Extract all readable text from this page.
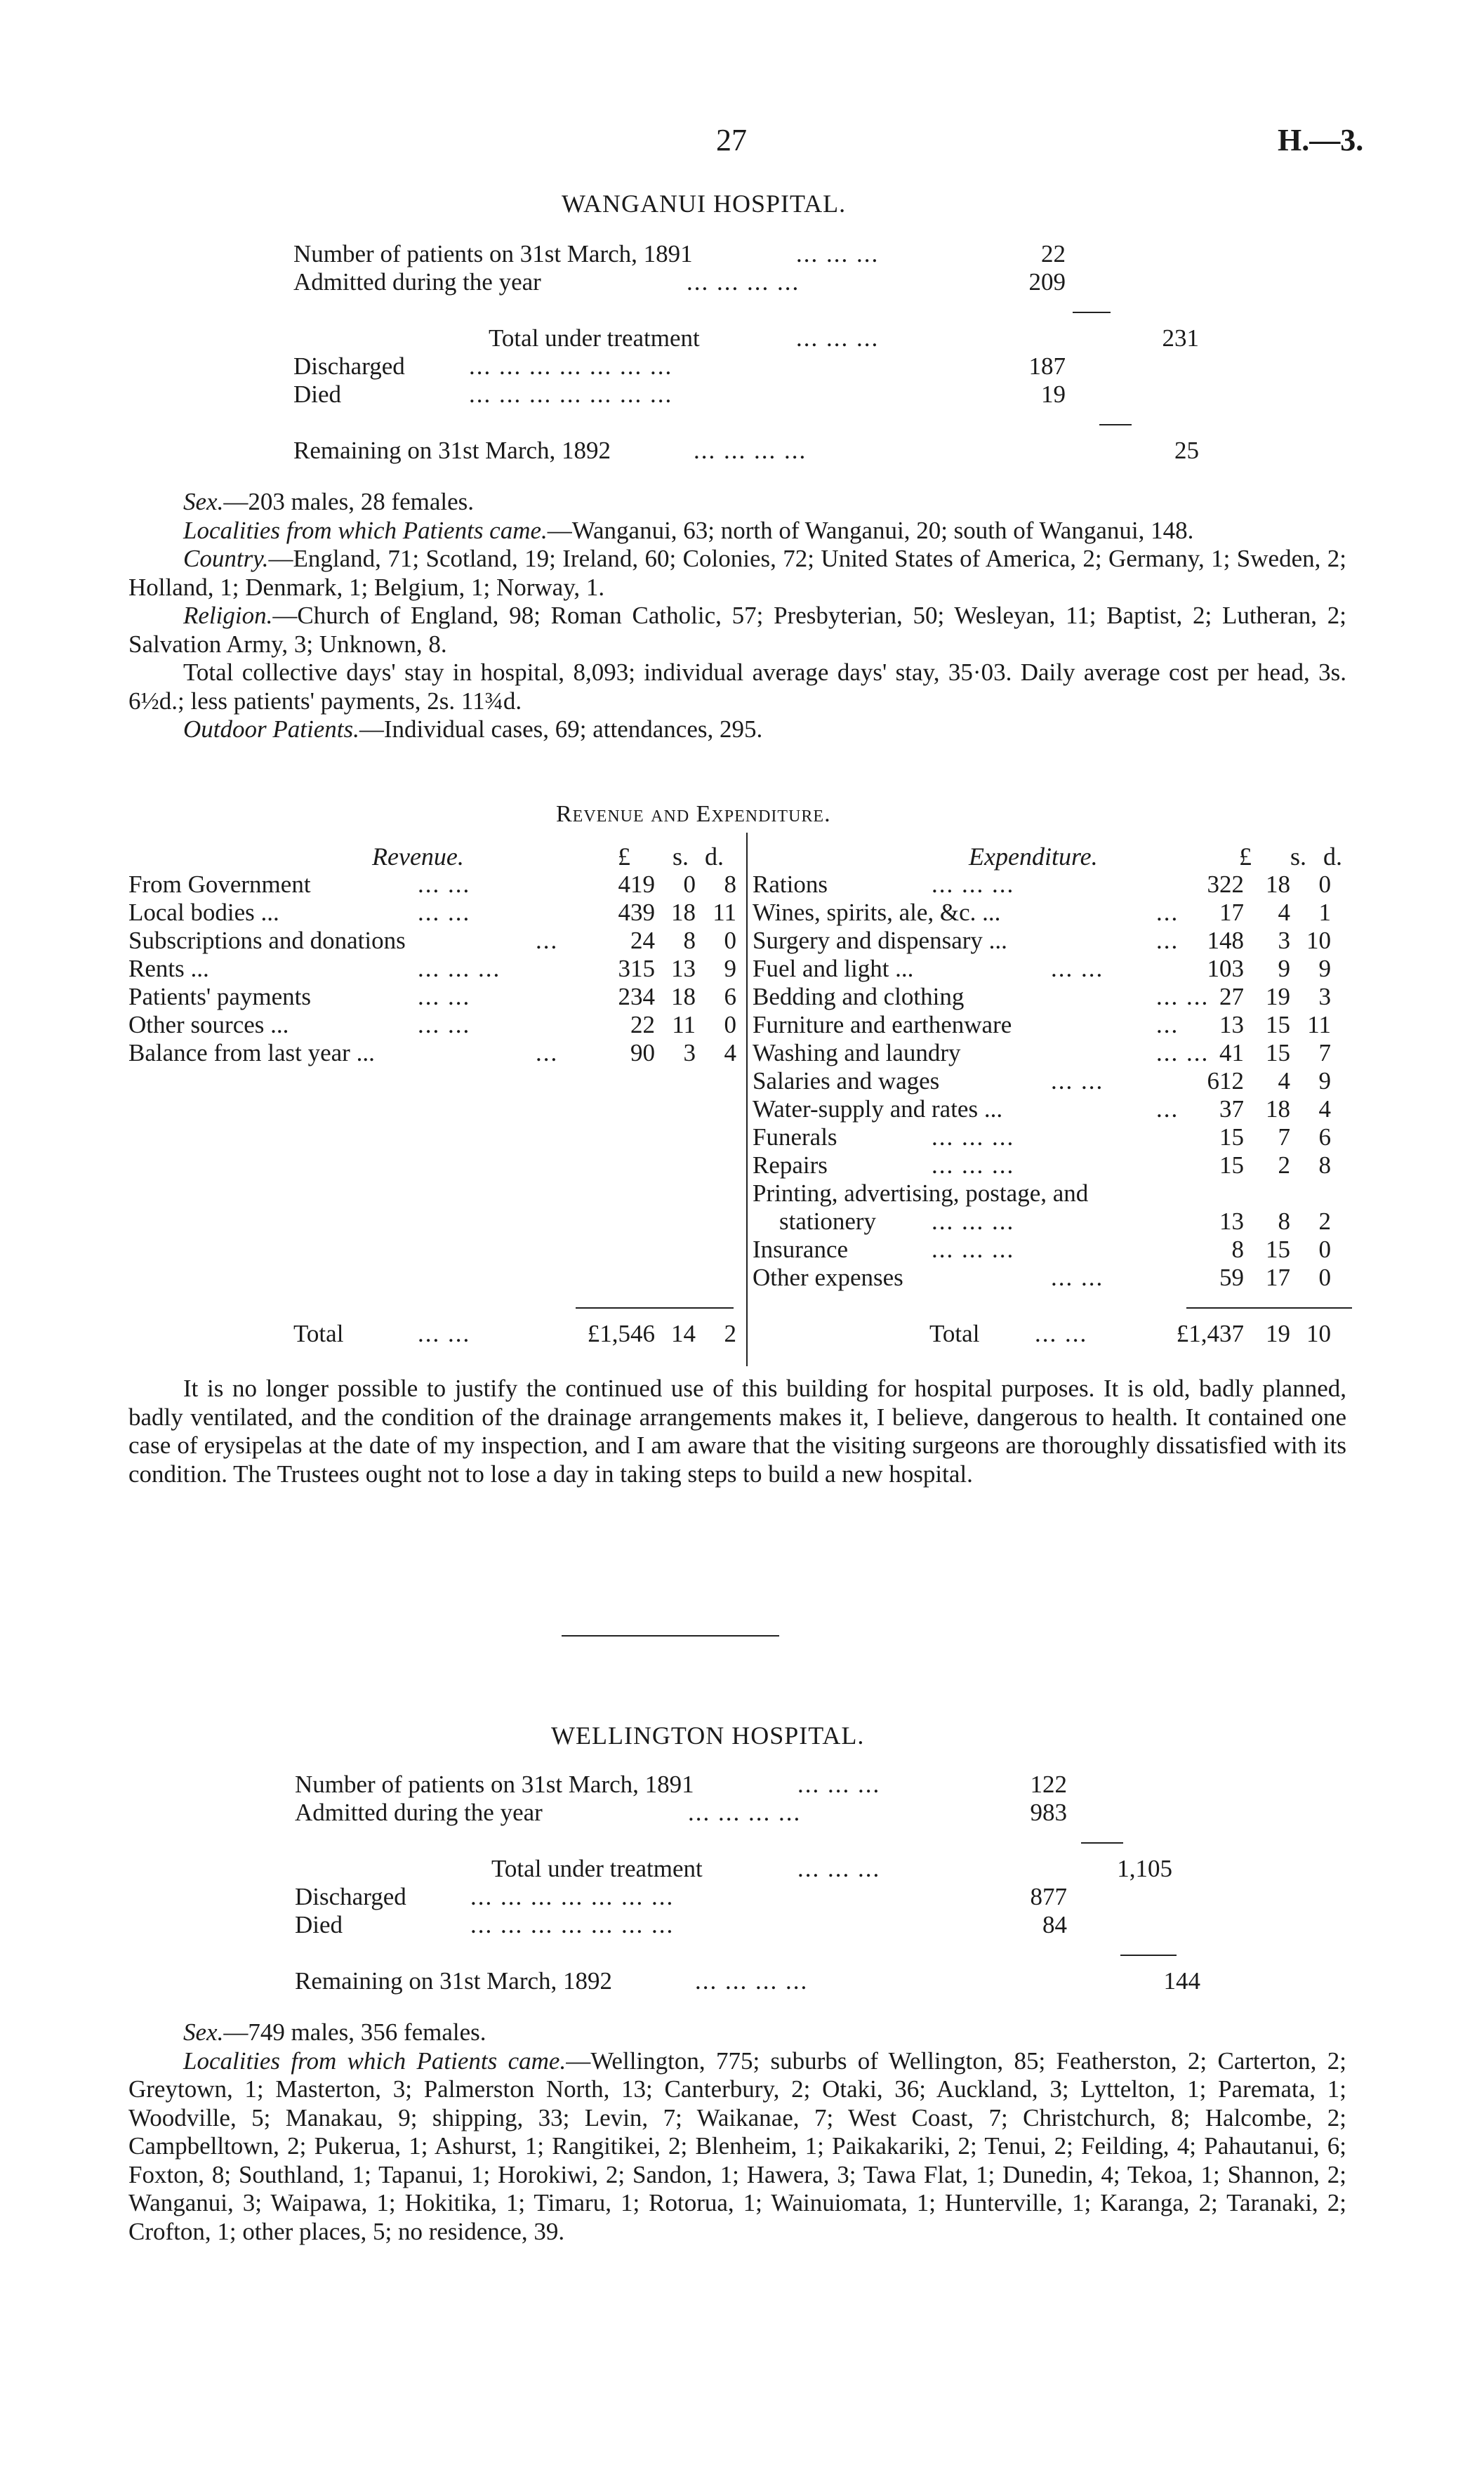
27	H.—3.
WANGANUI HOSPITAL.
Number of patients on 31st March, 1891	... ... ...	22
Admitted during the year	... ... ... ...	209
Total under treatment	... ... ...	231
Discharged	... ... ... ... ... ... ...	187
Died	... ... ... ... ... ... ...	19
Remaining on 31st March, 1892	... ... ... ...	25

Sex.—203 males, 28 females.

Localities from which Patients came.—Wanganui, 63; north of Wanganui, 20; south of Wanganui, 148.

Country.—England, 71; Scotland, 19; Ireland, 60; Colonies, 72; United States of America, 2; Germany, 1; Sweden, 2; Holland, 1; Denmark, 1; Belgium, 1; Norway, 1.

Religion.—Church of England, 98; Roman Catholic, 57; Presbyterian, 50; Wesleyan, 11; Baptist, 2; Lutheran, 2; Salvation Army, 3; Unknown, 8.

Total collective days' stay in hospital, 8,093; individual average days' stay, 35·03. Daily average cost per head, 3s. 6½d.; less patients' payments, 2s. 11¾d.

Outdoor Patients.—Individual cases, 69; attendances, 295.

Revenue and Expenditure.
Revenue.	£ s. d.
From Government	... ...	419	0	8
Local bodies ...	... ...	439 18 11
Subscriptions and donations	...	24	8	0
Rents ...	... ... ...	315 13	9
Patients' payments	... ...	234 18	6
Other sources ...	... ...	22 11	0
Balance from last year ...	...	90	3	4
Total	... ...	£1,546 14	2
Expenditure.	£ s. d.
Rations	... ... ...	322 18	0
Wines, spirits, ale, &c. ...	...	17	4	1
Surgery and dispensary ...	...	148	3 10
Fuel and light ...	... ...	103	9	9
Bedding and clothing	... ... 27 19	3
Furniture and earthenware	...	13 15 11
Washing and laundry	... ... 41 15	7
Salaries and wages	... ...	612	4	9
Water-supply and rates ...	...	37 18	4
Funerals	... ... ...	15	7	6
Repairs	... ... ...	15	2	8
Printing, advertising, postage, and
stationery ... ... ...	13	8	2
Insurance	... ... ...	8 15	0
Other expenses	... ...	59 17	0
Total ... ...	£1,437 19 10

It is no longer possible to justify the continued use of this building for hospital purposes. It is old, badly planned, badly ventilated, and the condition of the drainage arrangements makes it, I believe, dangerous to health. It contained one case of erysipelas at the date of my inspection, and I am aware that the visiting surgeons are thoroughly dissatisfied with its condition. The Trustees ought not to lose a day in taking steps to build a new hospital.

WELLINGTON HOSPITAL.
Number of patients on 31st March, 1891	... ... ...	122
Admitted during the year	... ... ... ...	983
Total under treatment	... ... ...	1,105
Discharged	... ... ... ... ... ... ...	877
Died	... ... ... ... ... ... ...	84
Remaining on 31st March, 1892	... ... ... ...	144

Sex.—749 males, 356 females.

Localities from which Patients came.—Wellington, 775; suburbs of Wellington, 85; Featherston, 2; Carterton, 2; Greytown, 1; Masterton, 3; Palmerston North, 13; Canterbury, 2; Otaki, 36; Auckland, 3; Lyttelton, 1; Paremata, 1; Woodville, 5; Manakau, 9; shipping, 33; Levin, 7; Waikanae, 7; West Coast, 7; Christchurch, 8; Halcombe, 2; Campbelltown, 2; Pukerua, 1; Ashurst, 1; Rangitikei, 2; Blenheim, 1; Paikakariki, 2; Tenui, 2; Feilding, 4; Pahautanui, 6; Foxton, 8; Southland, 1; Tapanui, 1; Horokiwi, 2; Sandon, 1; Hawera, 3; Tawa Flat, 1; Dunedin, 4; Tekoa, 1; Shannon, 2; Wanganui, 3; Waipawa, 1; Hokitika, 1; Timaru, 1; Rotorua, 1; Wainuiomata, 1; Hunterville, 1; Karanga, 2; Taranaki, 2; Crofton, 1; other places, 5; no residence, 39.
